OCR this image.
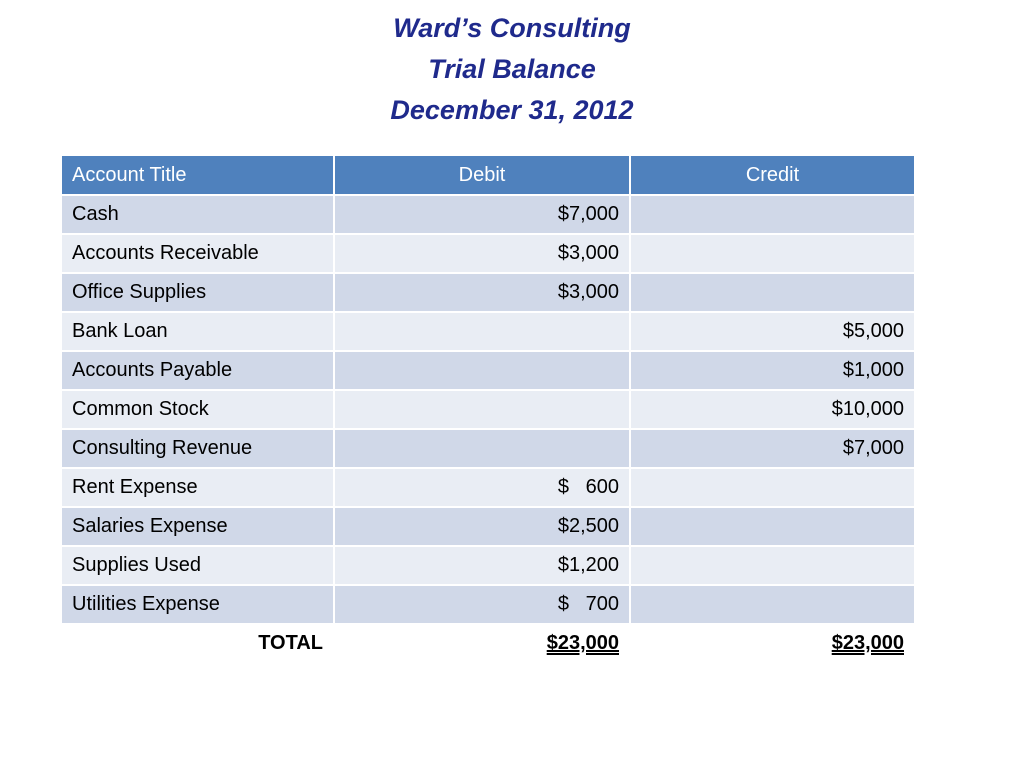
Ward’s Consulting
Trial Balance
December 31, 2012
Account Title	Debit	Credit
Cash	$7,000	
Accounts Receivable	$3,000	
Office Supplies	$3,000	
Bank Loan		$5,000
Accounts Payable		$1,000
Common Stock		$10,000
Consulting Revenue		$7,000
Rent Expense	$   600	
Salaries Expense	$2,500	
Supplies Used	$1,200	
Utilities Expense	$   700	
TOTAL	$23,000	$23,000
